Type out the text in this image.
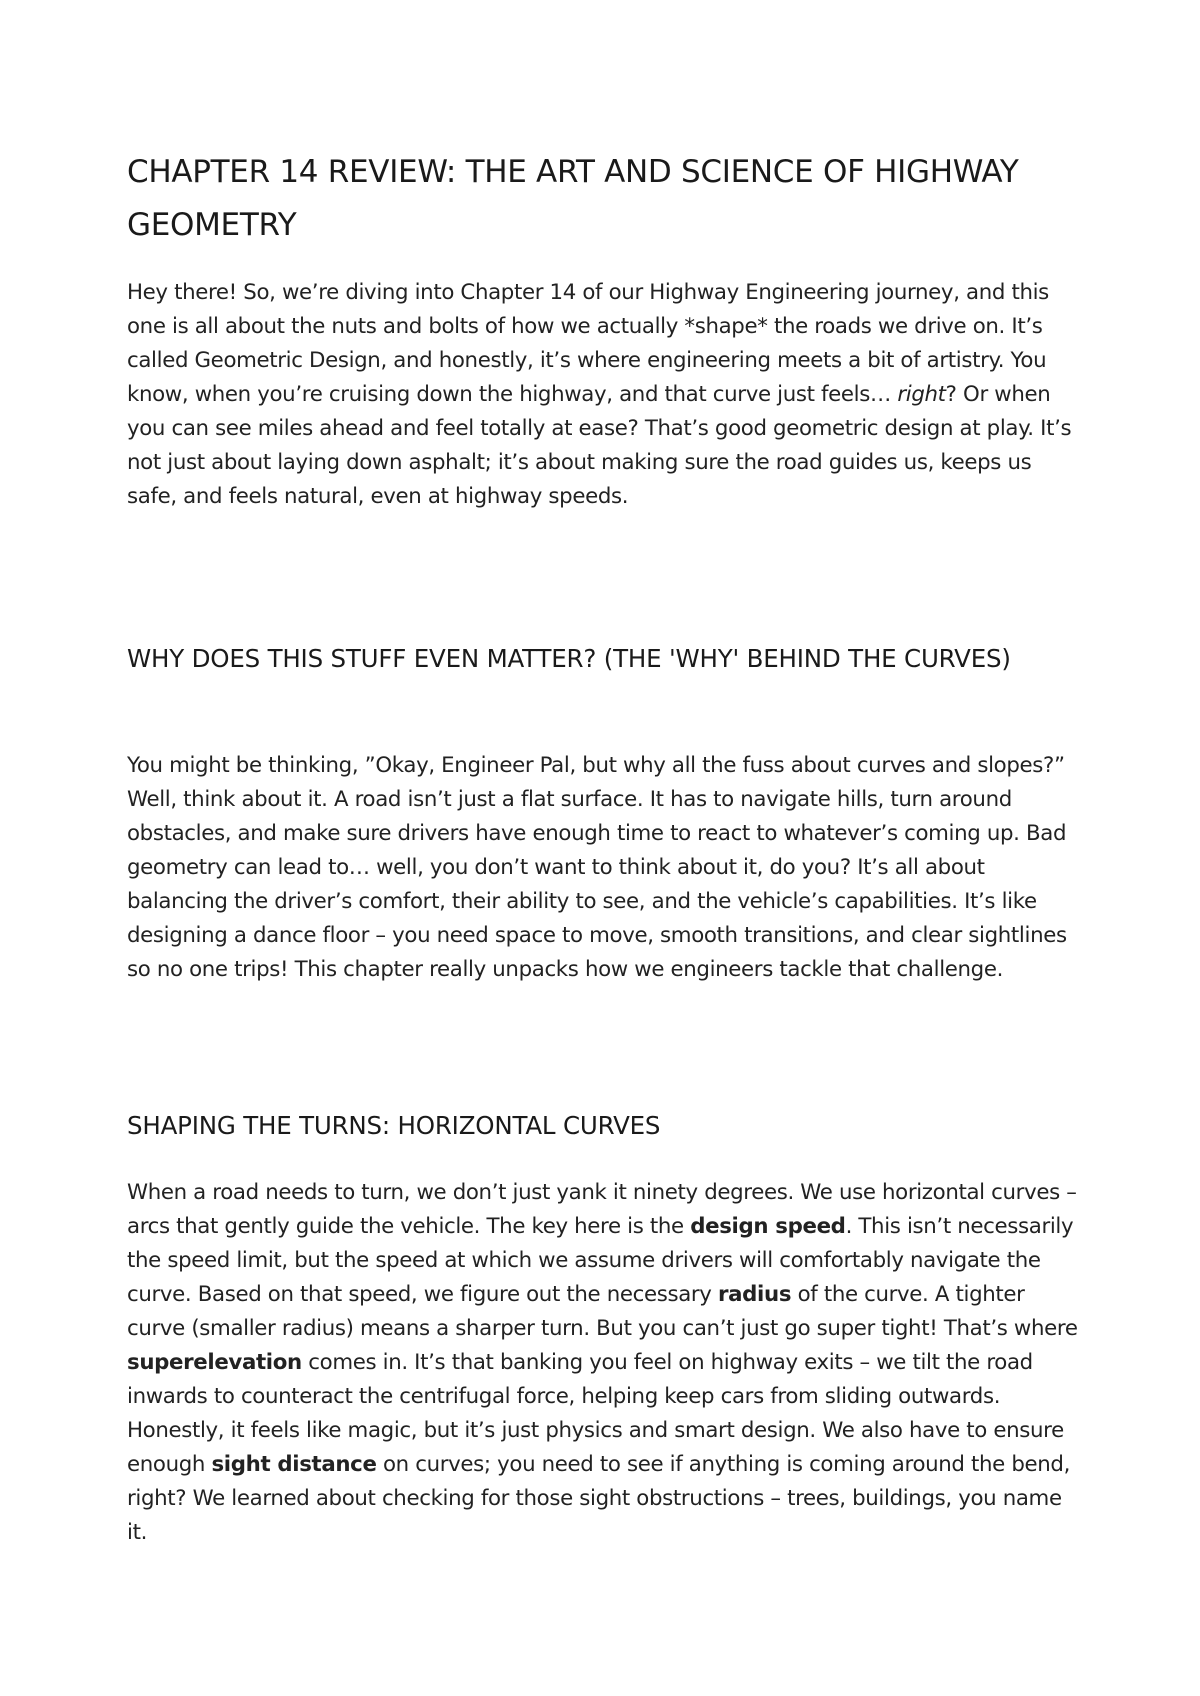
CHAPTER 14 REVIEW: THE ART AND SCIENCE OF HIGHWAY GEOMETRY

Hey there! So, we’re diving into Chapter 14 of our Highway Engineering journey, and this one is all about the nuts and bolts of how we actually *shape* the roads we drive on. It’s called Geometric Design, and honestly, it’s where engineering meets a bit of artistry. You know, when you’re cruising down the highway, and that curve just feels… right? Or when you can see miles ahead and feel totally at ease? That’s good geometric design at play. It’s not just about laying down asphalt; it’s about making sure the road guides us, keeps us safe, and feels natural, even at highway speeds.

WHY DOES THIS STUFF EVEN MATTER? (THE 'WHY' BEHIND THE CURVES)

You might be thinking, ”Okay, Engineer Pal, but why all the fuss about curves and slopes?” Well, think about it. A road isn’t just a flat surface. It has to navigate hills, turn around obstacles, and make sure drivers have enough time to react to whatever’s coming up. Bad geometry can lead to… well, you don’t want to think about it, do you? It’s all about balancing the driver’s comfort, their ability to see, and the vehicle’s capabilities. It’s like designing a dance floor – you need space to move, smooth transitions, and clear sightlines so no one trips! This chapter really unpacks how we engineers tackle that challenge.

SHAPING THE TURNS: HORIZONTAL CURVES

When a road needs to turn, we don’t just yank it ninety degrees. We use horizontal curves – arcs that gently guide the vehicle. The key here is the design speed. This isn’t necessarily the speed limit, but the speed at which we assume drivers will comfortably navigate the curve. Based on that speed, we figure out the necessary radius of the curve. A tighter curve (smaller radius) means a sharper turn. But you can’t just go super tight! That’s where superelevation comes in. It’s that banking you feel on highway exits – we tilt the road inwards to counteract the centrifugal force, helping keep cars from sliding outwards. Honestly, it feels like magic, but it’s just physics and smart design. We also have to ensure enough sight distance on curves; you need to see if anything is coming around the bend, right? We learned about checking for those sight obstructions – trees, buildings, you name it.
